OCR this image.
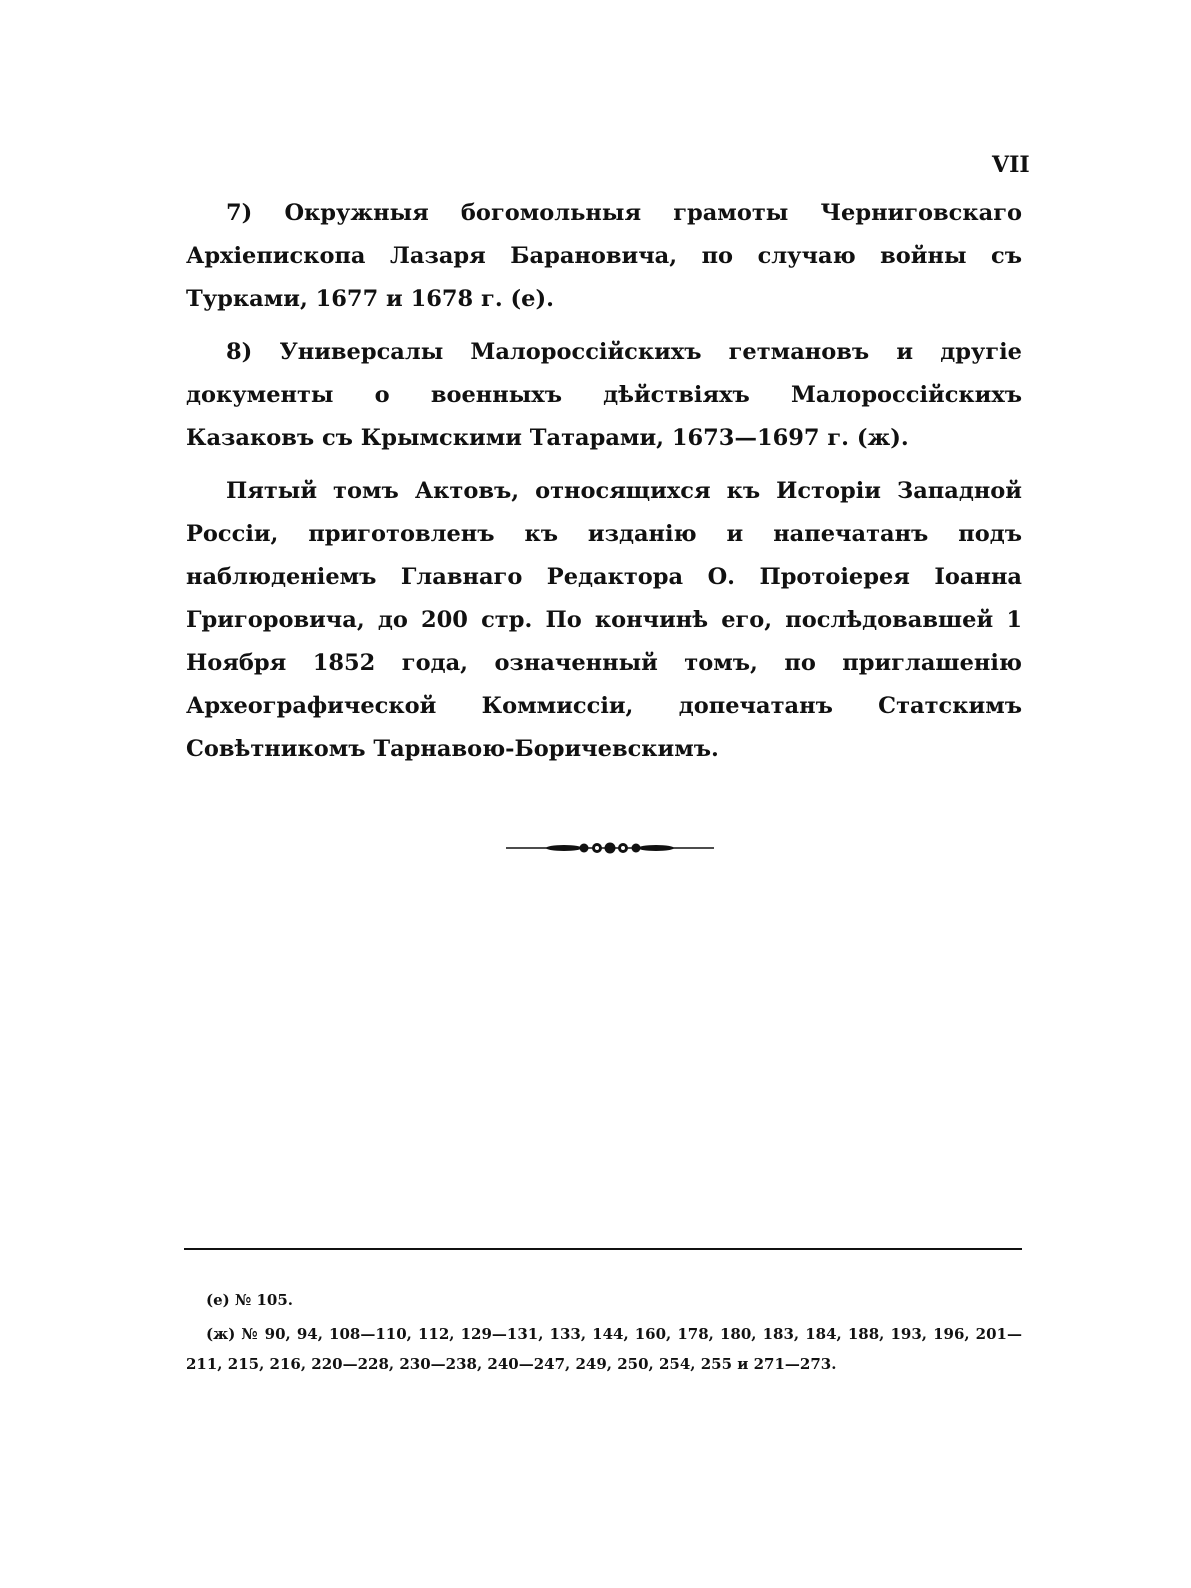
VII

7) Окружныя богомольныя грамоты Черниговскаго Архіепископа Лазаря Барановича, по случаю войны съ Турками, 1677 и 1678 г. (е).

8) Универсалы Малороссійскихъ гетмановъ и другіе документы о военныхъ дѣйствіяхъ Малороссійскихъ Казаковъ съ Крымскими Татарами, 1673—1697 г. (ж).

Пятый томъ Актовъ, относящихся къ Исторіи Западной Россіи, приготовленъ къ изданію и напечатанъ подъ наблюденіемъ Главнаго Редактора О. Протоіерея Іоанна Григоровича, до 200 стр. По кончинѣ его, послѣдовавшей 1 Ноября 1852 года, означенный томъ, по приглашенію Археографической Коммиссіи, допечатанъ Статскимъ Совѣтникомъ Тарнавою-Боричевскимъ.

(е) № 105.

(ж) № 90, 94, 108—110, 112, 129—131, 133, 144, 160, 178, 180, 183, 184, 188, 193, 196, 201—211, 215, 216, 220—228, 230—238, 240—247, 249, 250, 254, 255 и 271—273.
